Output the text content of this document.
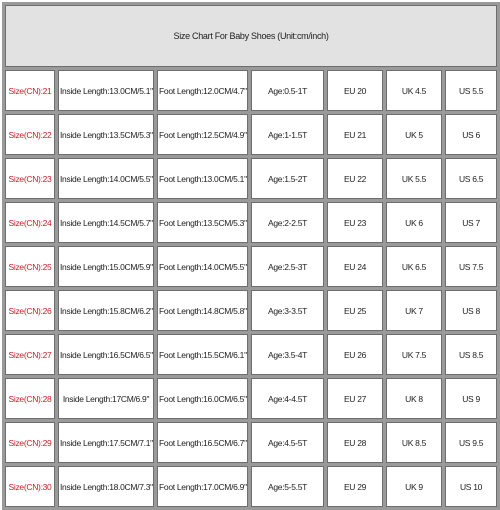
Size Chart For Baby Shoes (Unit:cm/inch)						
Size(CN):21	Inside Length:13.0CM/5.1"	Foot Length:12.0CM/4.7"	Age:0.5-1T	EU 20	UK 4.5	US 5.5
Size(CN):22	Inside Length:13.5CM/5.3"	Foot Length:12.5CM/4.9"	Age:1-1.5T	EU 21	UK 5	US 6
Size(CN):23	Inside Length:14.0CM/5.5"	Foot Length:13.0CM/5.1"	Age:1.5-2T	EU 22	UK 5.5	US 6.5
Size(CN):24	Inside Length:14.5CM/5.7"	Foot Length:13.5CM/5.3"	Age:2-2.5T	EU 23	UK 6	US 7
Size(CN):25	Inside Length:15.0CM/5.9"	Foot Length:14.0CM/5.5"	Age:2.5-3T	EU 24	UK 6.5	US 7.5
Size(CN):26	Inside Length:15.8CM/6.2"	Foot Length:14.8CM/5.8"	Age:3-3.5T	EU 25	UK 7	US 8
Size(CN):27	Inside Length:16.5CM/6.5"	Foot Length:15.5CM/6.1"	Age:3.5-4T	EU 26	UK 7.5	US 8.5
Size(CN):28	Inside Length:17CM/6.9"	Foot Length:16.0CM/6.5"	Age:4-4.5T	EU 27	UK 8	US 9
Size(CN):29	Inside Length:17.5CM/7.1"	Foot Length:16.5CM/6.7"	Age:4.5-5T	EU 28	UK 8.5	US 9.5
Size(CN):30	Inside Length:18.0CM/7.3"	Foot Length:17.0CM/6.9"	Age:5-5.5T	EU 29	UK 9	US 10
